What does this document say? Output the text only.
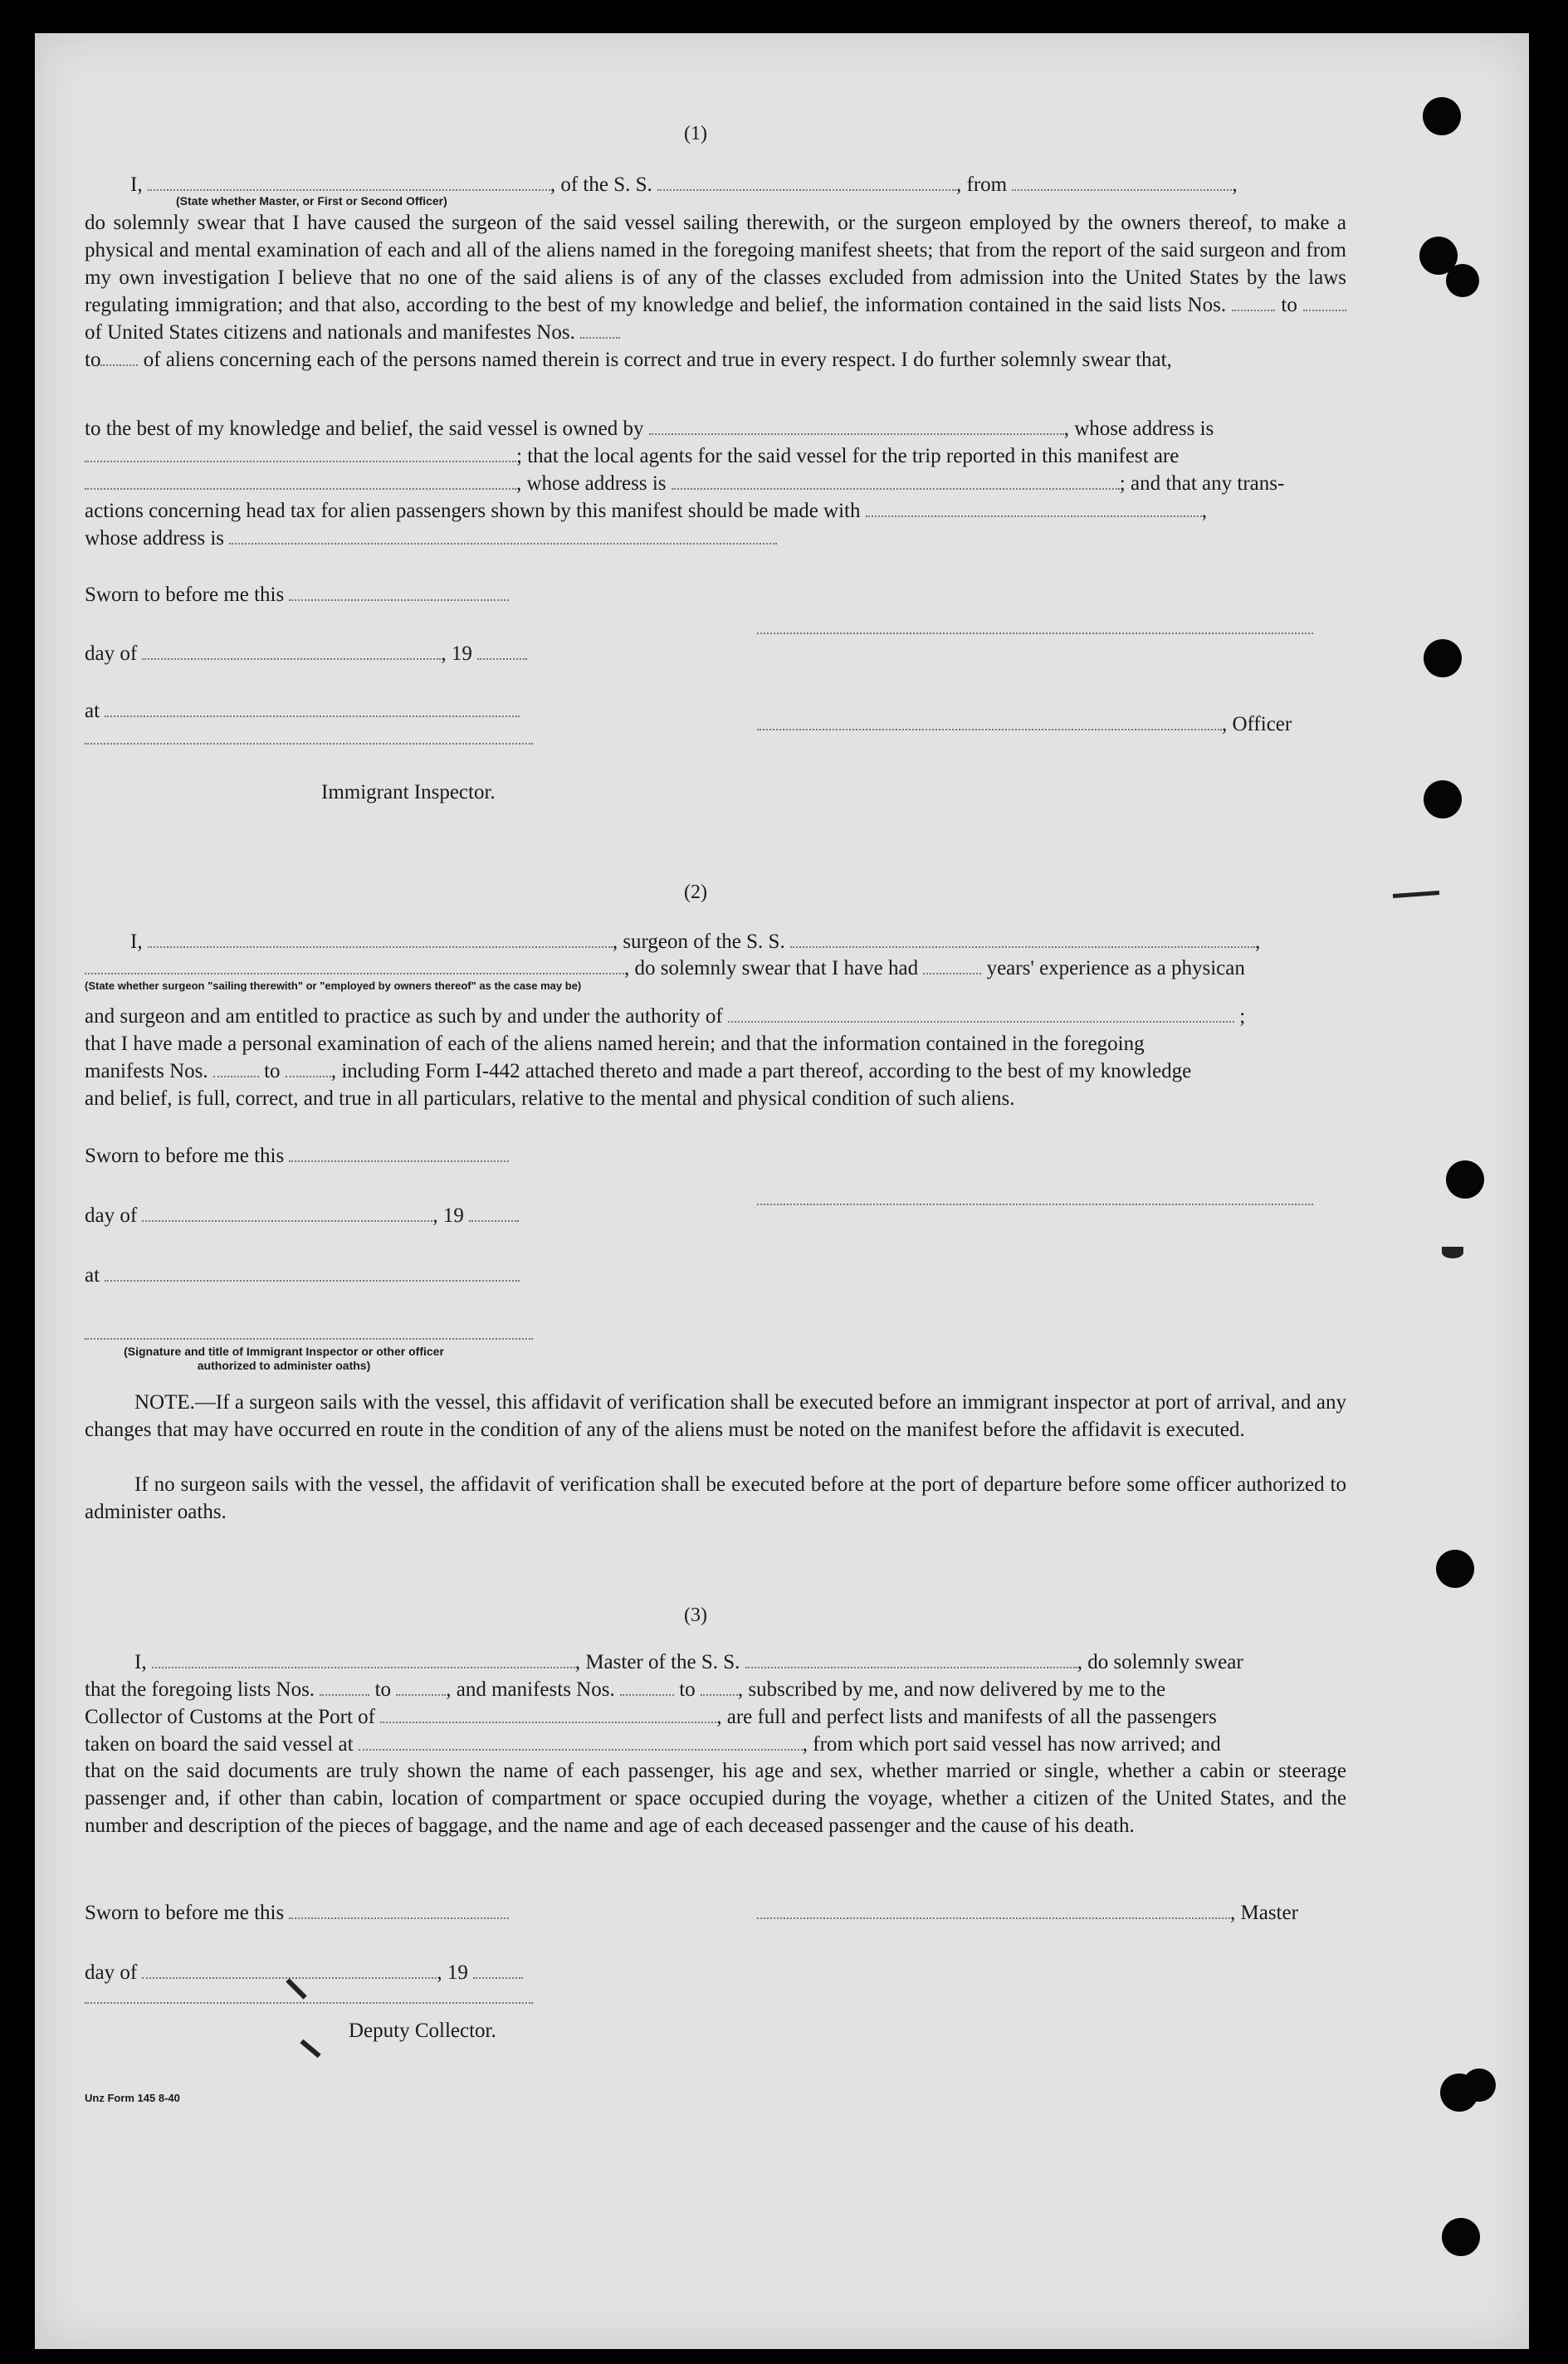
(1)
I,	, of the S. S.	, from	,
(State whether Master, or First or Second Officer)
do solemnly swear that I have caused the surgeon of the said vessel sailing therewith, or the surgeon employed by the owners thereof, to make a physical and mental examination of each and all of the aliens named in the foregoing manifest sheets; that from the report of the said surgeon and from my own investigation I believe that no one of the said aliens is of any of the classes excluded from admission into the United States by the laws regulating immigration; and that also, according to the best of my knowledge and belief, the information contained in the said lists Nos.	to  of United States citizens and nationals and manifestes Nos.
to of aliens concerning each of the persons named therein is correct and true in every respect. I do further solemnly swear that,
to the best of my knowledge and belief, the said vessel is owned by	, whose address is
; that the local agents for the said vessel for the trip reported in this manifest are
, whose address is	; and that any trans-
actions concerning head tax for alien passengers shown by this manifest should be made with	,
whose address is
Sworn to before me this
day of	, 19
at
, Officer
Immigrant Inspector.
(2)
I,	, surgeon of the S. S.	,
, do solemnly swear that I have had	years' experience as a physican
(State whether surgeon "sailing therewith" or "employed by owners thereof" as the case may be)
and surgeon and am entitled to practice as such by and under the authority of	;
that I have made a personal examination of each of the aliens named herein; and that the information contained in the foregoing
manifests Nos.	to , including Form I-442 attached thereto and made a part thereof, according to the best of my knowledge
and belief, is full, correct, and true in all particulars, relative to the mental and physical condition of such aliens.
Sworn to before me this
day of	, 19
at
(Signature and title of Immigrant Inspector or other officer authorized to administer oaths)
NOTE.—If a surgeon sails with the vessel, this affidavit of verification shall be executed before an immigrant inspector at port of arrival, and any changes that may have occurred en route in the condition of any of the aliens must be noted on the manifest before the affidavit is executed.
If no surgeon sails with the vessel, the affidavit of verification shall be executed before at the port of departure before some officer authorized to administer oaths.
(3)
I,	, Master of the S. S.	, do solemnly swear
that the foregoing lists Nos.	to	, and manifests Nos.	to , subscribed by me, and now delivered by me to the
Collector of Customs at the Port of	, are full and perfect lists and manifests of all the passengers
taken on board the said vessel at	, from which port said vessel has now arrived; and
that on the said documents are truly shown the name of each passenger, his age and sex, whether married or single, whether a cabin or steerage passenger and, if other than cabin, location of compartment or space occupied during the voyage, whether a citizen of the United States, and the number and description of the pieces of baggage, and the name and age of each deceased passenger and the cause of his death.
Sworn to before me this	, Master
day of	, 19
Deputy Collector.
Unz Form 145 8-40
